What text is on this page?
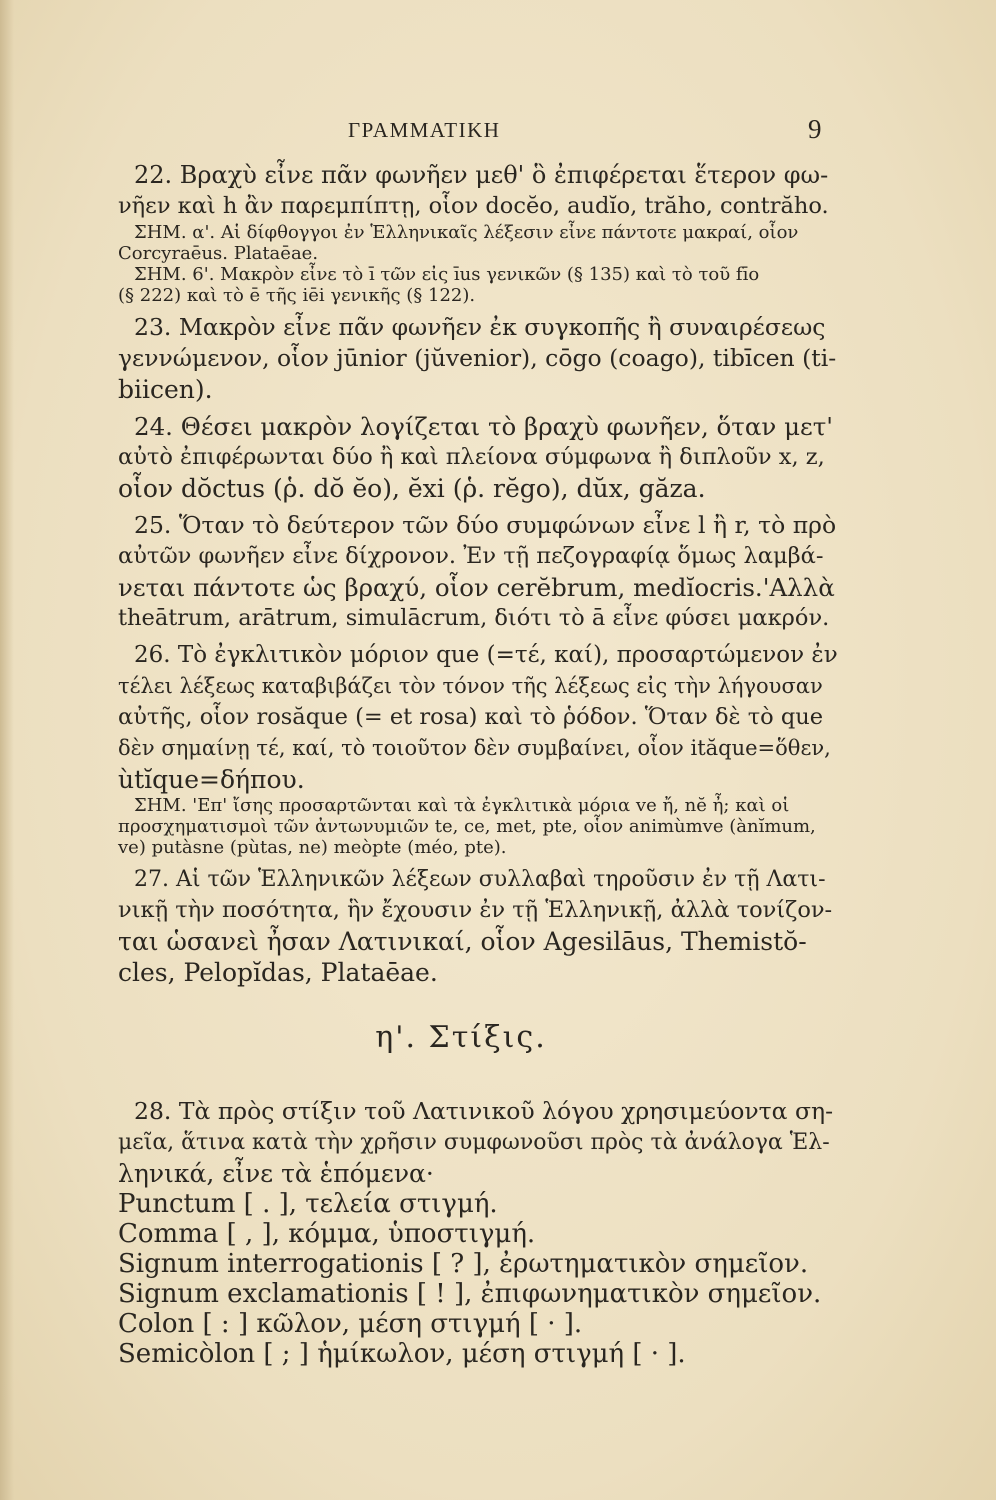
ΓΡΑΜΜΑΤΙΚΗ	9
22. Βραχὺ εἶνε πᾶν φωνῆεν μεθ' ὃ ἐπιφέρεται ἕτερον φω-
νῆεν καὶ h ἂν παρεμπίπτῃ, οἷον docĕo, audĭo, trăho, contrăho.
ΣΗΜ. α'. Αἱ δίφθογγοι ἐν Ἑλληνικαῖς λέξεσιν εἶνε πάντοτε μακραί, οἷον
Corcyraēus. Plataēae.
ΣΗΜ. 6'. Μακρὸν εἶνε τὸ ī τῶν εἰς īus γενικῶν (§ 135) καὶ τὸ τοῦ fīo
(§ 222) καὶ τὸ ē τῆς iēi γενικῆς (§ 122).
23. Μακρὸν εἶνε πᾶν φωνῆεν ἐκ συγκοπῆς ἢ συναιρέσεως
γεννώμενον, οἷον jūnior (jŭvenior), cōgo (coago), tibīcen (ti-
biicen).
24. Θέσει μακρὸν λογίζεται τὸ βραχὺ φωνῆεν, ὅταν μετ'
αὐτὸ ἐπιφέρωνται δύο ἢ καὶ πλείονα σύμφωνα ἢ διπλοῦν x, z,
οἷον dŏctus (ῥ. dŏ ĕo), ĕxi (ῥ. rĕgo), dŭx, găza.
25. Ὅταν τὸ δεύτερον τῶν δύο συμφώνων εἶνε l ἢ r, τὸ πρὸ
αὐτῶν φωνῆεν εἶνε δίχρονον. Ἐν τῇ πεζογραφίᾳ ὅμως λαμβά-
νεται πάντοτε ὡς βραχύ, οἷον cerĕbrum, medĭocris.'Αλλὰ
theātrum, arātrum, simulācrum, διότι τὸ ā εἶνε φύσει μακρόν.
26. Τὸ ἐγκλιτικὸν μόριον que (=τέ, καί), προσαρτώμενον ἐν
τέλει λέξεως καταβιβάζει τὸν τόνον τῆς λέξεως εἰς τὴν λήγουσαν
αὐτῆς, οἷον rosăque (= et rosa) καὶ τὸ ῥόδον. Ὅταν δὲ τὸ que
δὲν σημαίνῃ τέ, καί, τὸ τοιοῦτον δὲν συμβαίνει, οἷον ităque=ὅθεν,
ùtĭque=δήπου.
ΣΗΜ. 'Επ' ἴσης προσαρτῶνται καὶ τὰ ἐγκλιτικὰ μόρια ve ἤ, nĕ ἦ; καὶ οἱ
προσχηματισμοὶ τῶν ἀντωνυμιῶν te, ce, met, pte, οἷον animùmve (ànĭmum,
ve) putàsne (pùtas, ne) meòpte (méo, pte).
27. Αἱ τῶν Ἑλληνικῶν λέξεων συλλαβαὶ τηροῦσιν ἐν τῇ Λατι-
νικῇ τὴν ποσότητα, ἣν ἔχουσιν ἐν τῇ Ἑλληνικῇ, ἀλλὰ τονίζον-
ται ὡσανεὶ ἦσαν Λατινικαί, οἷον Agesilāus, Themistŏ-
cles, Pelopĭdas, Plataēae.
η'. Στίξις.
28. Τὰ πρὸς στίξιν τοῦ Λατινικοῦ λόγου χρησιμεύοντα ση-
μεῖα, ἅτινα κατὰ τὴν χρῆσιν συμφωνοῦσι πρὸς τὰ ἀνάλογα Ἑλ-
ληνικά, εἶνε τὰ ἑπόμενα·
Punctum [ . ], τελεία στιγμή.
Comma [ , ], κόμμα, ὑποστιγμή.
Signum interrogationis [ ? ], ἐρωτηματικὸν σημεῖον.
Signum exclamationis [ ! ], ἐπιφωνηματικὸν σημεῖον.
Colon [ : ] κῶλον, μέση στιγμή [ · ].
Semicòlon [ ; ] ἡμίκωλον, μέση στιγμή [ · ].
